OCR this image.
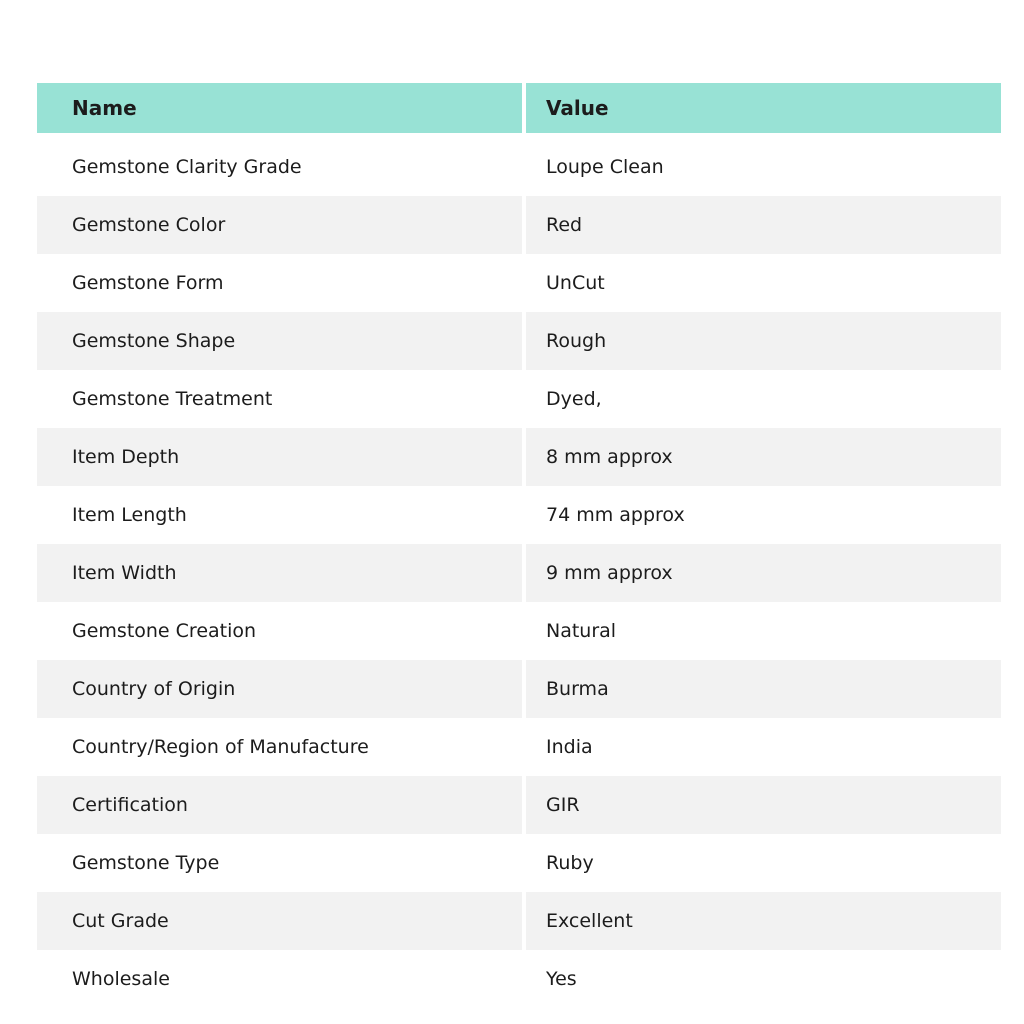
Name	Value
Gemstone Clarity Grade	Loupe Clean
Gemstone Color	Red
Gemstone Form	UnCut
Gemstone Shape	Rough
Gemstone Treatment	Dyed,
Item Depth	8 mm approx
Item Length	74 mm approx
Item Width	9 mm approx
Gemstone Creation	Natural
Country of Origin	Burma
Country/Region of Manufacture	India
Certification	GIR
Gemstone Type	Ruby
Cut Grade	Excellent
Wholesale	Yes
